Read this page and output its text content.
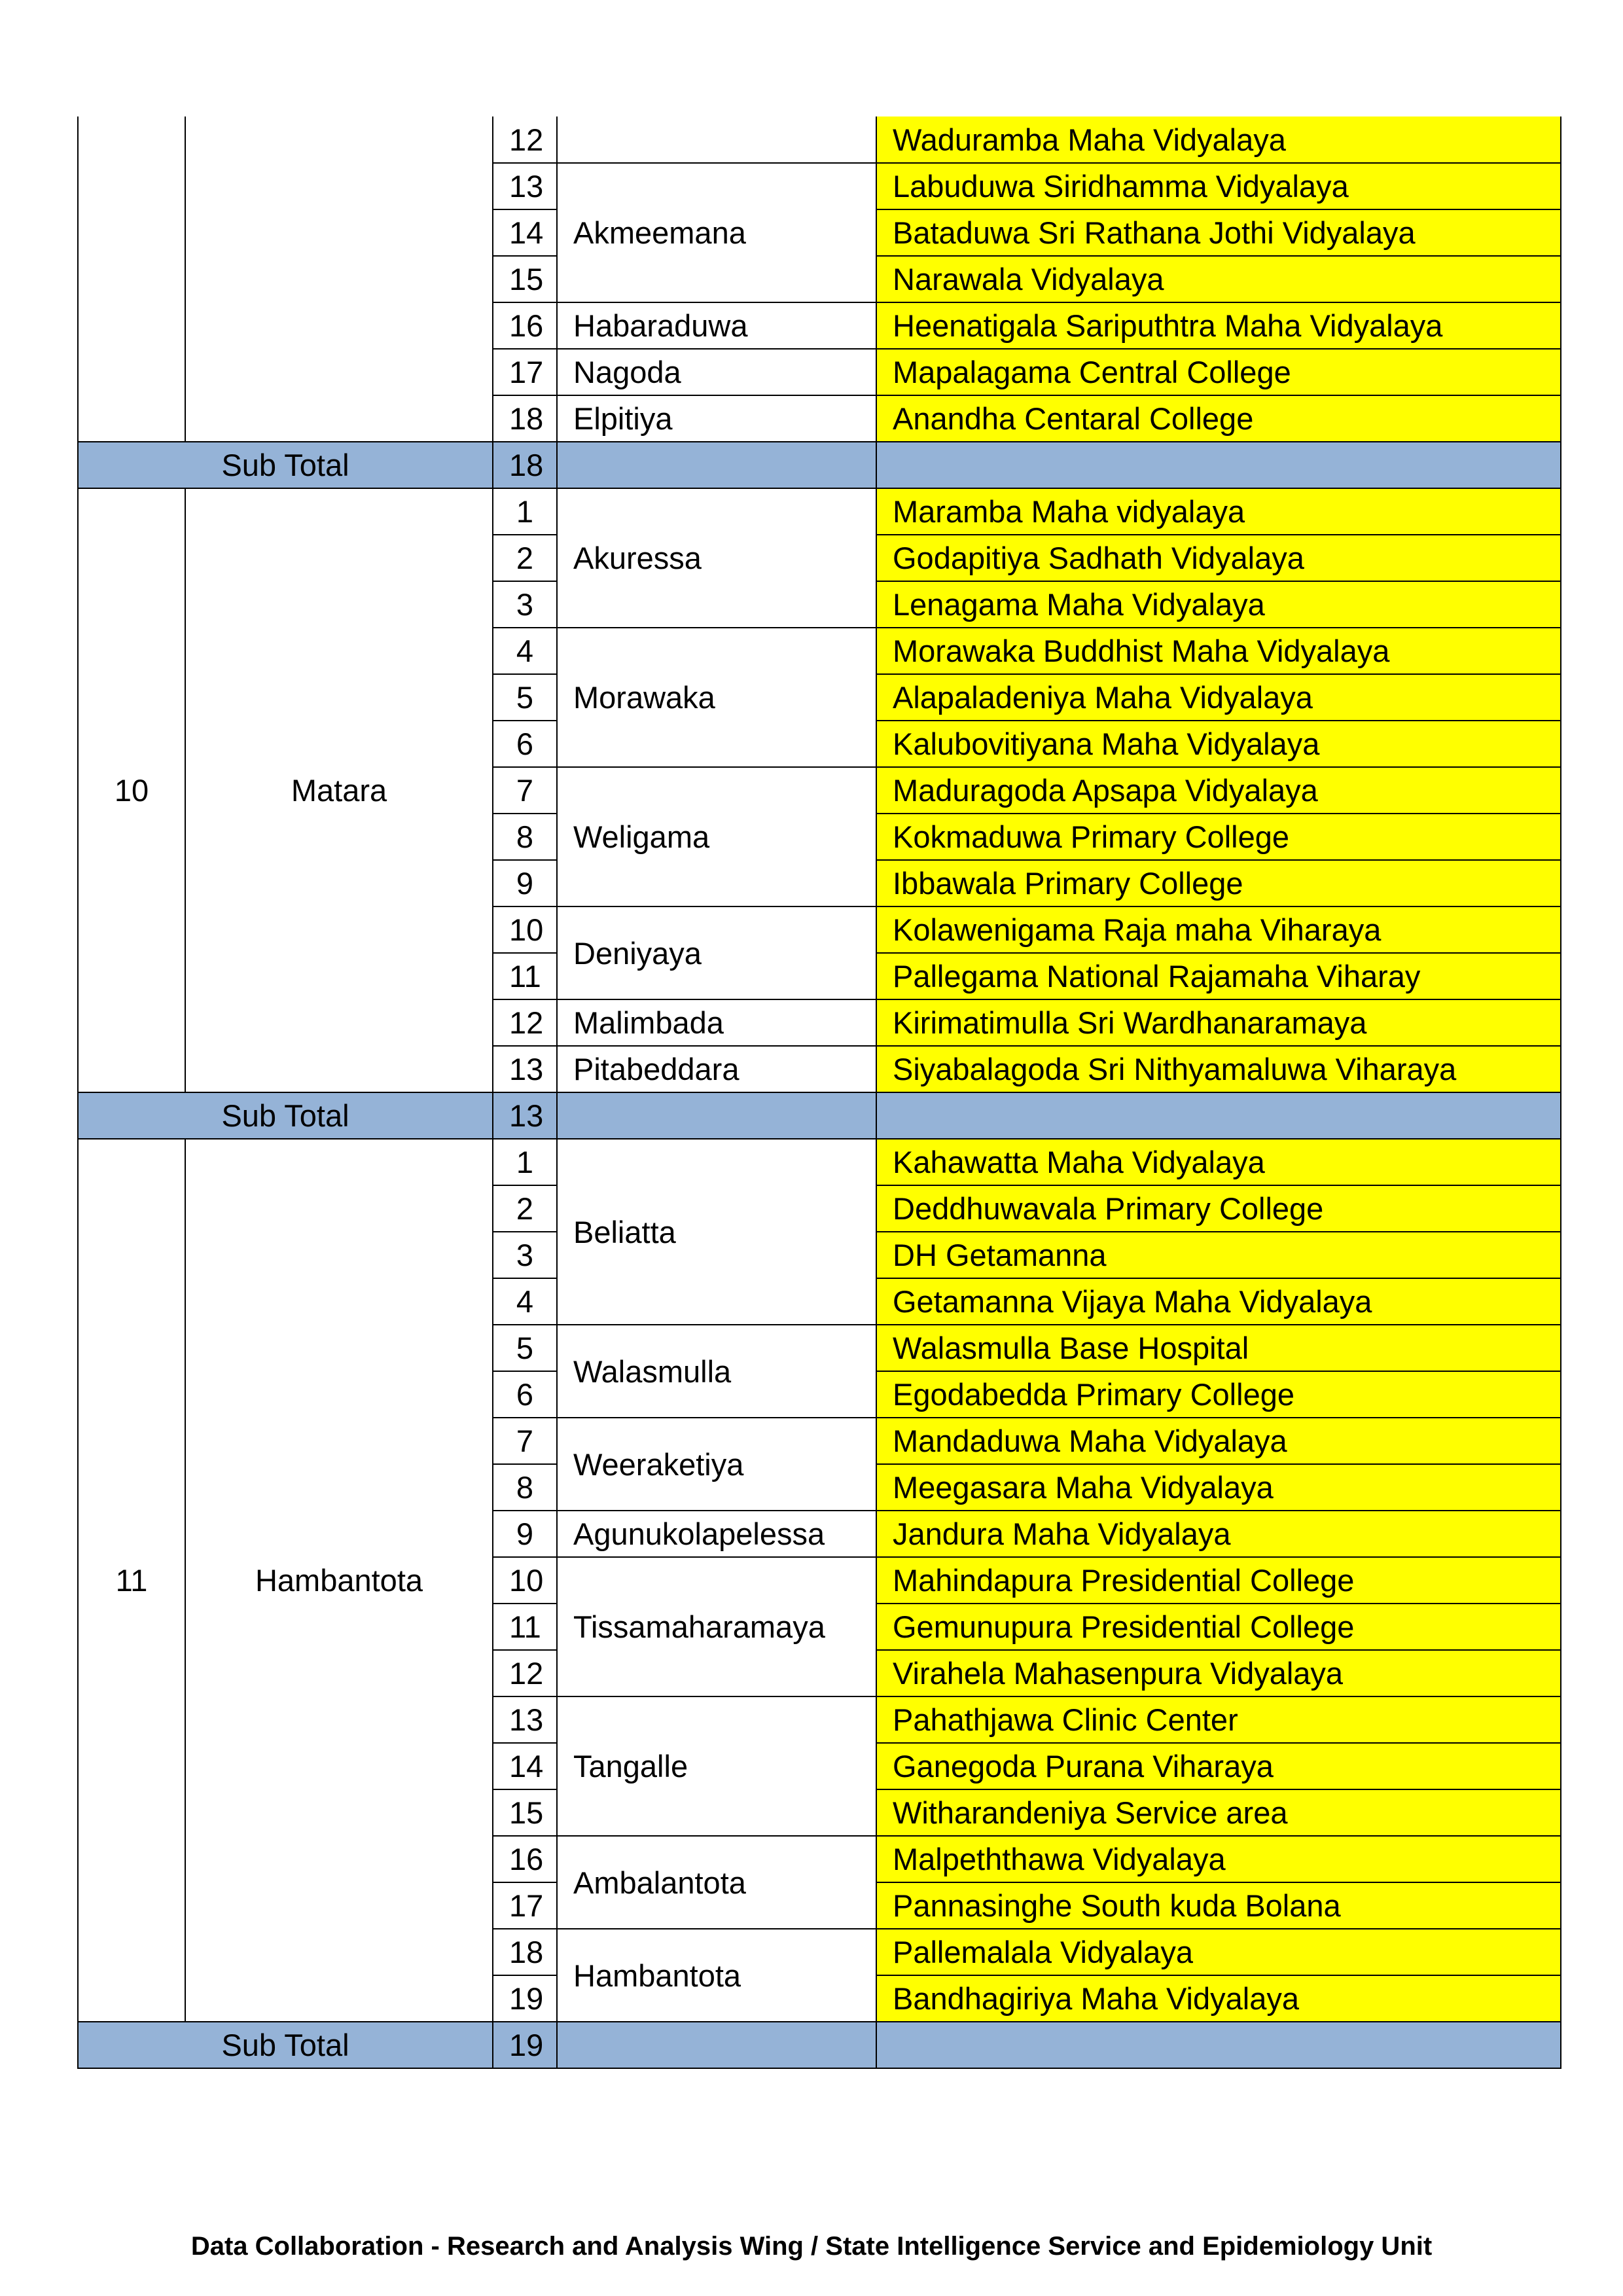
		12		Waduramba Maha Vidyalaya
		13	Akmeemana	Labuduwa Siridhamma Vidyalaya
		14		Bataduwa Sri Rathana Jothi Vidyalaya
		15		Narawala Vidyalaya
		16	Habaraduwa	Heenatigala Sariputhtra Maha Vidyalaya
		17	Nagoda	Mapalagama Central College
		18	Elpitiya	Anandha Centaral College
Sub Total		18		
10	Matara	1	Akuressa	Maramba Maha vidyalaya
		2		Godapitiya Sadhath Vidyalaya
		3		Lenagama Maha Vidyalaya
		4	Morawaka	Morawaka Buddhist Maha Vidyalaya
		5		Alapaladeniya Maha Vidyalaya
		6		Kalubovitiyana Maha Vidyalaya
		7	Weligama	Maduragoda Apsapa Vidyalaya
		8		Kokmaduwa Primary College
		9		Ibbawala Primary College
		10	Deniyaya	Kolawenigama Raja maha Viharaya
		11		Pallegama National Rajamaha Viharay
		12	Malimbada	Kirimatimulla Sri Wardhanaramaya
		13	Pitabeddara	Siyabalagoda Sri Nithyamaluwa Viharaya
Sub Total		13		
11	Hambantota	1	Beliatta	Kahawatta Maha Vidyalaya
		2		Deddhuwavala Primary College
		3		DH Getamanna
		4		Getamanna Vijaya Maha Vidyalaya
		5	Walasmulla	Walasmulla Base Hospital
		6		Egodabedda Primary College
		7	Weeraketiya	Mandaduwa Maha Vidyalaya
		8		Meegasara Maha Vidyalaya
		9	Agunukolapelessa	Jandura Maha Vidyalaya
		10	Tissamaharamaya	Mahindapura Presidential College
		11		Gemunupura Presidential College
		12		Virahela Mahasenpura Vidyalaya
		13	Tangalle	Pahathjawa Clinic Center
		14		Ganegoda Purana Viharaya
		15		Witharandeniya Service area
		16	Ambalantota	Malpeththawa Vidyalaya
		17		Pannasinghe South kuda Bolana
		18	Hambantota	Pallemalala Vidyalaya
		19		Bandhagiriya Maha Vidyalaya
Sub Total		19		
Data Collaboration - Research and Analysis Wing / State Intelligence Service and Epidemiology Unit
